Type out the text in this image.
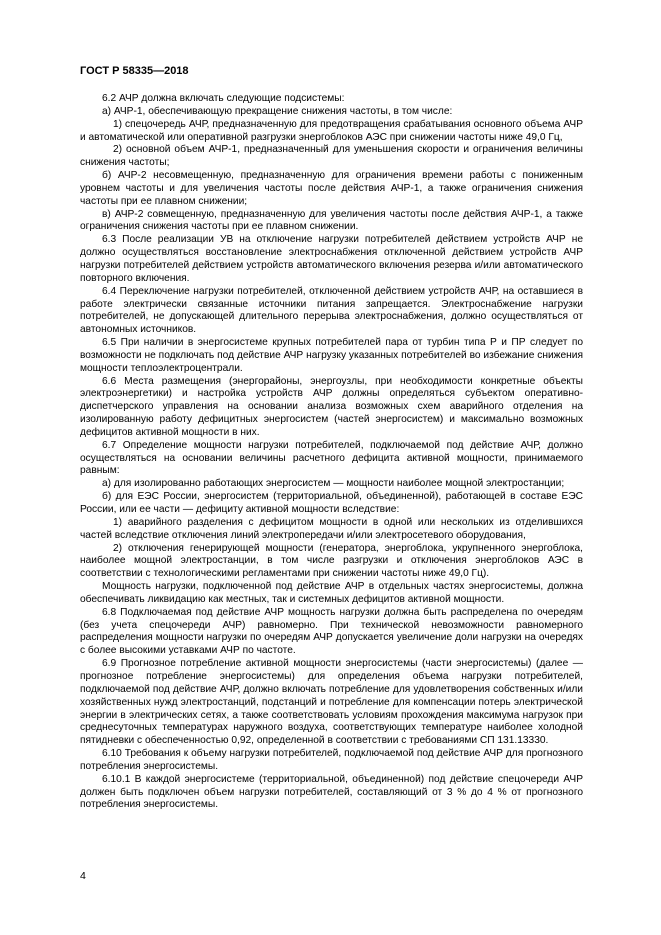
ГОСТ Р 58335—2018

6.2 АЧР должна включать следующие подсистемы:

а) АЧР-1, обеспечивающую прекращение снижения частоты, в том числе:

1) спецочередь АЧР, предназначенную для предотвращения срабатывания основного объема АЧР и автоматической или оперативной разгрузки энергоблоков АЭС при снижении частоты ниже 49,0 Гц,

2) основной объем АЧР-1, предназначенный для уменьшения скорости и ограничения величины снижения частоты;

б) АЧР-2 несовмещенную, предназначенную для ограничения времени работы с пониженным уровнем частоты и для увеличения частоты после действия АЧР-1, а также ограничения снижения частоты при ее плавном снижении;

в) АЧР-2 совмещенную, предназначенную для увеличения частоты после действия АЧР-1, а также ограничения снижения частоты при ее плавном снижении.

6.3 После реализации УВ на отключение нагрузки потребителей действием устройств АЧР не должно осуществляться восстановление электроснабжения отключенной действием устройств АЧР нагрузки потребителей действием устройств автоматического включения резерва и/или автоматического повторного включения.

6.4 Переключение нагрузки потребителей, отключенной действием устройств АЧР, на оставшиеся в работе электрически связанные источники питания запрещается. Электроснабжение нагрузки потребителей, не допускающей длительного перерыва электроснабжения, должно осуществляться от автономных источников.

6.5 При наличии в энергосистеме крупных потребителей пара от турбин типа Р и ПР следует по возможности не подключать под действие АЧР нагрузку указанных потребителей во избежание снижения мощности теплоэлектроцентрали.

6.6 Места размещения (энергорайоны, энергоузлы, при необходимости конкретные объекты электроэнергетики) и настройка устройств АЧР должны определяться субъектом оперативно-диспетчерского управления на основании анализа возможных схем аварийного отделения на изолированную работу дефицитных энергосистем (частей энергосистем) и максимально возможных дефицитов активной мощности в них.

6.7 Определение мощности нагрузки потребителей, подключаемой под действие АЧР, должно осуществляться на основании величины расчетного дефицита активной мощности, принимаемого равным:

а) для изолированно работающих энергосистем — мощности наиболее мощной электростанции;

б) для ЕЭС России, энергосистем (территориальной, объединенной), работающей в составе ЕЭС России, или ее части — дефициту активной мощности вследствие:

1) аварийного разделения с дефицитом мощности в одной или нескольких из отделившихся частей вследствие отключения линий электропередачи и/или электросетевого оборудования,

2) отключения генерирующей мощности (генератора, энергоблока, укрупненного энергоблока, наиболее мощной электростанции, в том числе разгрузки и отключения энергоблоков АЭС в соответствии с технологическими регламентами при снижении частоты ниже 49,0 Гц).

Мощность нагрузки, подключенной под действие АЧР в отдельных частях энергосистемы, должна обеспечивать ликвидацию как местных, так и системных дефицитов активной мощности.

6.8 Подключаемая под действие АЧР мощность нагрузки должна быть распределена по очередям (без учета спецочереди АЧР) равномерно. При технической невозможности равномерного распределения мощности нагрузки по очередям АЧР допускается увеличение доли нагрузки на очередях с более высокими уставками АЧР по частоте.

6.9 Прогнозное потребление активной мощности энергосистемы (части энергосистемы) (далее — прогнозное потребление энергосистемы) для определения объема нагрузки потребителей, подключаемой под действие АЧР, должно включать потребление для удовлетворения собственных и/или хозяйственных нужд электростанций, подстанций и потребление для компенсации потерь электрической энергии в электрических сетях, а также соответствовать условиям прохождения максимума нагрузок при среднесуточных температурах наружного воздуха, соответствующих температуре наиболее холодной пятидневки с обеспеченностью 0,92, определенной в соответствии с требованиями СП 131.13330.

6.10 Требования к объему нагрузки потребителей, подключаемой под действие АЧР для прогнозного потребления энергосистемы.

6.10.1 В каждой энергосистеме (территориальной, объединенной) под действие спецочереди АЧР должен быть подключен объем нагрузки потребителей, составляющий от 3 % до 4 % от прогнозного потребления энергосистемы.

4
